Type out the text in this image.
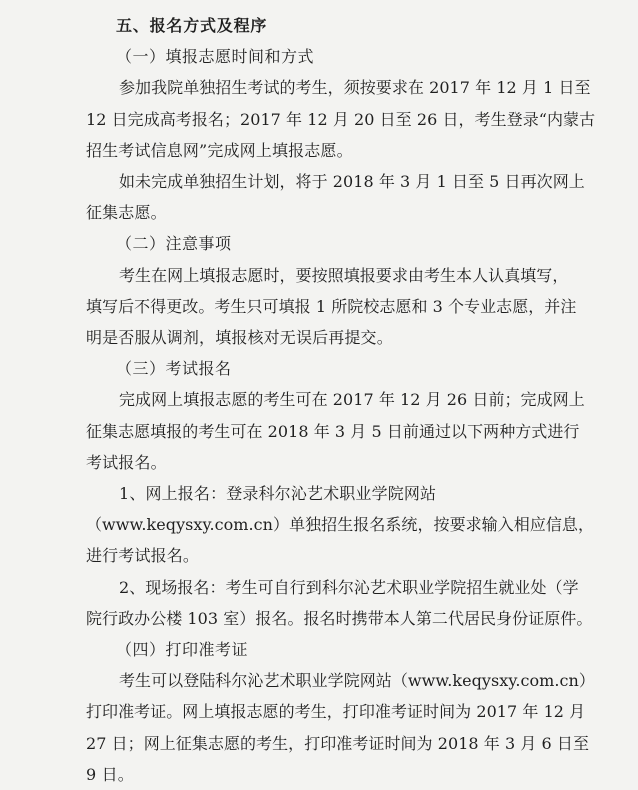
五、报名方式及程序

（一）填报志愿时间和方式

参加我院单独招生考试的考生，须按要求在 2017 年 12 月 1 日至

12 日完成高考报名；2017 年 12 月 20 日至 26 日，考生登录“内蒙古

招生考试信息网”完成网上填报志愿。

如未完成单独招生计划，将于 2018 年 3 月 1 日至 5 日再次网上

征集志愿。

（二）注意事项

考生在网上填报志愿时，要按照填报要求由考生本人认真填写，

填写后不得更改。考生只可填报 1 所院校志愿和 3 个专业志愿，并注

明是否服从调剂，填报核对无误后再提交。

（三）考试报名

完成网上填报志愿的考生可在 2017 年 12 月 26 日前；完成网上

征集志愿填报的考生可在 2018 年 3 月 5 日前通过以下两种方式进行

考试报名。

1、网上报名：登录科尔沁艺术职业学院网站

（www.keqysxy.com.cn）单独招生报名系统，按要求输入相应信息，

进行考试报名。

2、现场报名：考生可自行到科尔沁艺术职业学院招生就业处（学

院行政办公楼 103 室）报名。报名时携带本人第二代居民身份证原件。

（四）打印准考证

考生可以登陆科尔沁艺术职业学院网站（www.keqysxy.com.cn）

打印准考证。网上填报志愿的考生，打印准考证时间为 2017 年 12 月

27 日；网上征集志愿的考生，打印准考证时间为 2018 年 3 月 6 日至

9 日。
